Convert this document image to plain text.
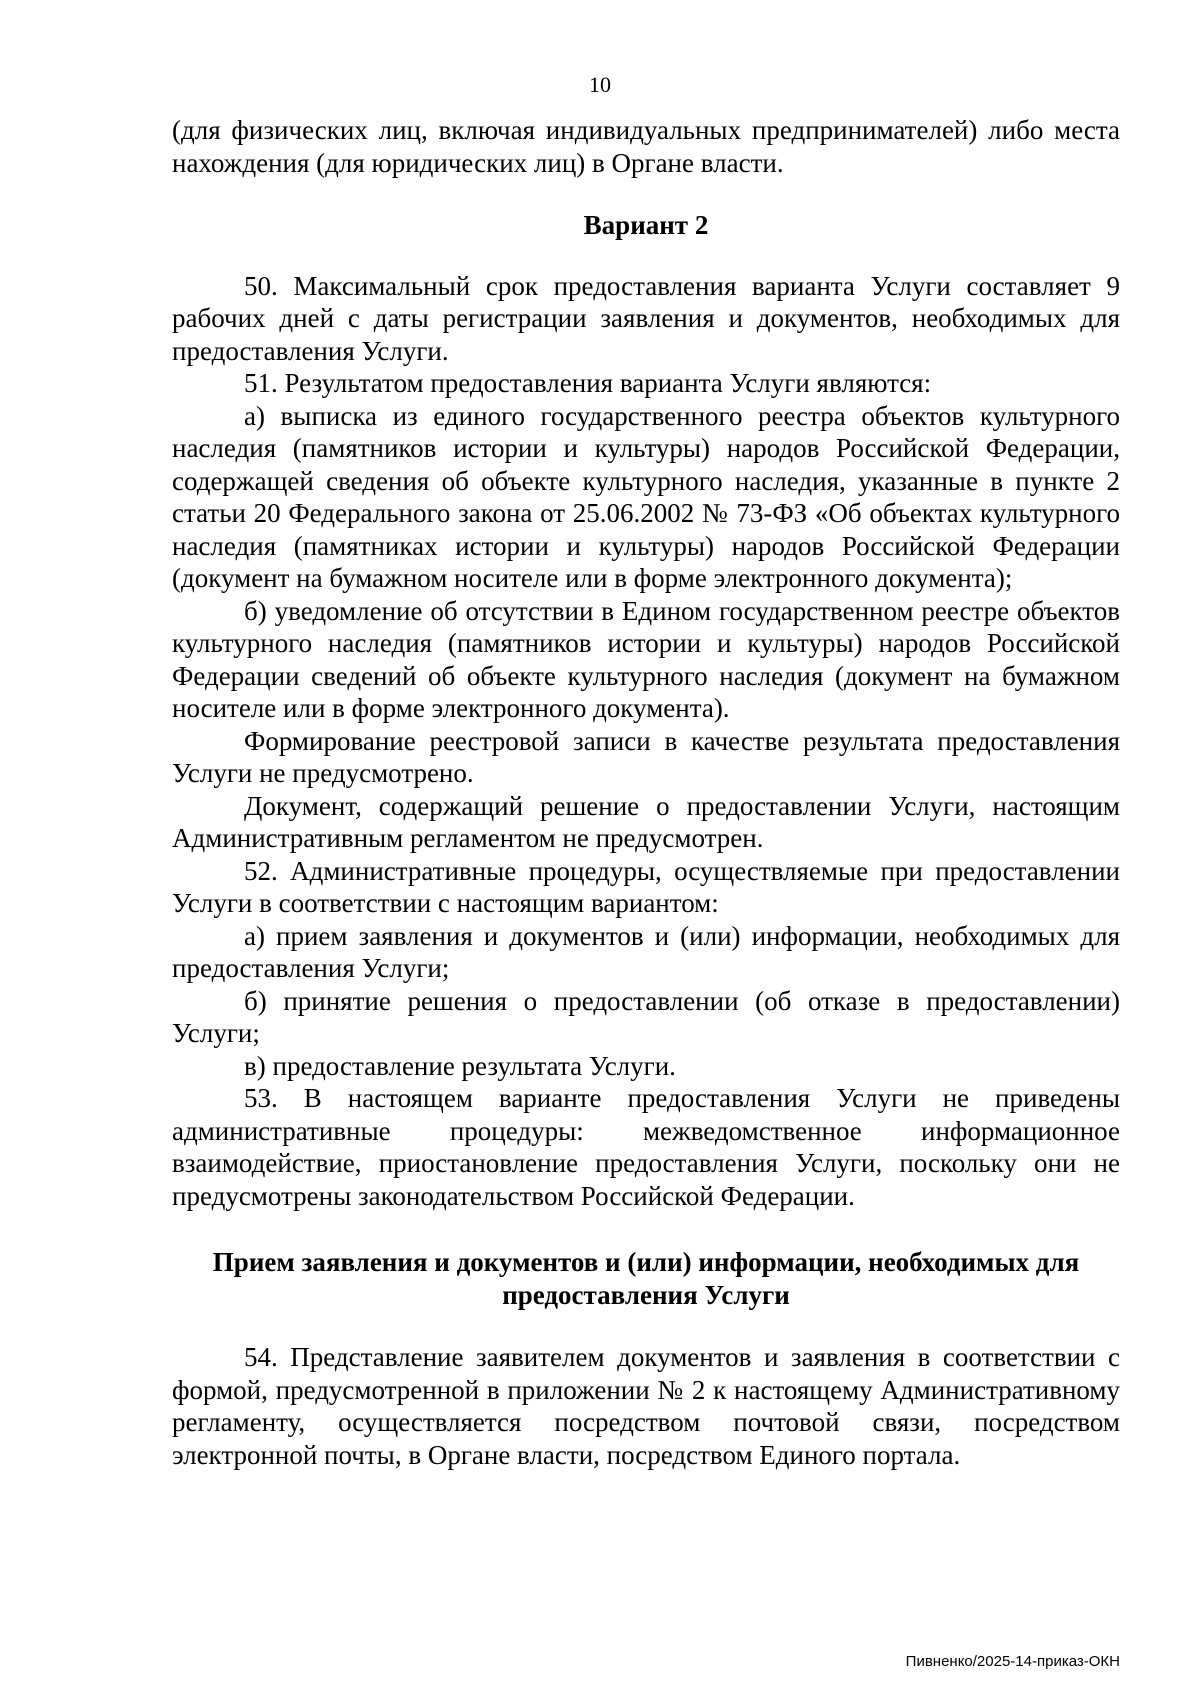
10

(для физических лиц, включая индивидуальных предпринимателей) либо места нахождения (для юридических лиц) в Органе власти.

Вариант 2

50. Максимальный срок предоставления варианта Услуги составляет 9 рабочих дней с даты регистрации заявления и документов, необходимых для предоставления Услуги.

51. Результатом предоставления варианта Услуги являются:

а) выписка из единого государственного реестра объектов культурного наследия (памятников истории и культуры) народов Российской Федерации, содержащей сведения об объекте культурного наследия, указанные в пункте 2 статьи 20 Федерального закона от 25.06.2002 № 73-ФЗ «Об объектах культурного наследия (памятниках истории и культуры) народов Российской Федерации (документ на бумажном носителе или в форме электронного документа);

б) уведомление об отсутствии в Едином государственном реестре объектов культурного наследия (памятников истории и культуры) народов Российской Федерации сведений об объекте культурного наследия (документ на бумажном носителе или в форме электронного документа).

Формирование реестровой записи в качестве результата предоставления Услуги не предусмотрено.

Документ, содержащий решение о предоставлении Услуги, настоящим Административным регламентом не предусмотрен.

52. Административные процедуры, осуществляемые при предоставлении Услуги в соответствии с настоящим вариантом:

а) прием заявления и документов и (или) информации, необходимых для предоставления Услуги;

б) принятие решения о предоставлении (об отказе в предоставлении) Услуги;

в) предоставление результата Услуги.

53. В настоящем варианте предоставления Услуги не приведены административные процедуры: межведомственное информационное взаимодействие, приостановление предоставления Услуги, поскольку они не предусмотрены законодательством Российской Федерации.

Прием заявления и документов и (или) информации, необходимых для предоставления Услуги

54. Представление заявителем документов и заявления в соответствии с формой, предусмотренной в приложении № 2 к настоящему Административному регламенту, осуществляется посредством почтовой связи, посредством электронной почты, в Органе власти, посредством Единого портала.

Пивненко/2025-14-приказ-ОКН
